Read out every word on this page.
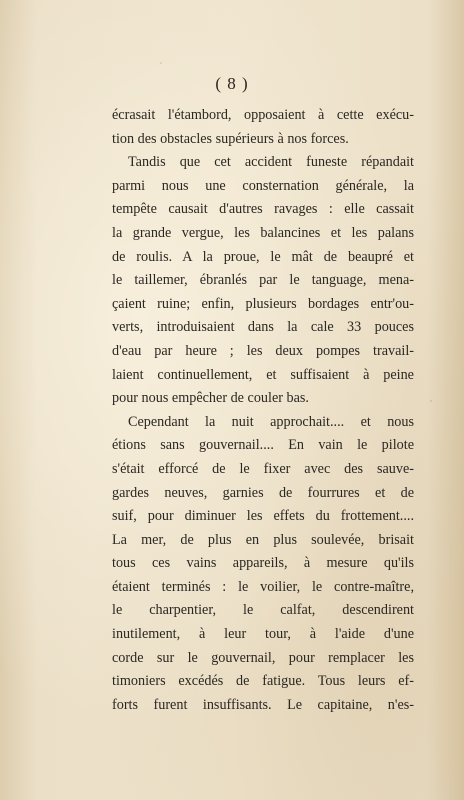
( 8 )
écrasait l'étambord, opposaient à cette exécu-
tion des obstacles supérieurs à nos forces.
Tandis que cet accident funeste répandait
parmi nous une consternation générale, la
tempête causait d'autres ravages : elle cassait
la grande vergue, les balancines et les palans
de roulis. A la proue, le mât de beaupré et
le taillemer, ébranlés par le tanguage, mena-
çaient ruine; enfin, plusieurs bordages entr'ou-
verts, introduisaient dans la cale 33 pouces
d'eau par heure ; les deux pompes travail-
laient continuellement, et suffisaient à peine
pour nous empêcher de couler bas.
Cependant la nuit approchait.... et nous
étions sans gouvernail.... En vain le pilote
s'était efforcé de le fixer avec des sauve-
gardes neuves, garnies de fourrures et de
suif, pour diminuer les effets du frottement....
La mer, de plus en plus soulevée, brisait
tous ces vains appareils, à mesure qu'ils
étaient terminés : le voilier, le contre-maître,
le charpentier, le calfat, descendirent
inutilement, à leur tour, à l'aide d'une
corde sur le gouvernail, pour remplacer les
timoniers excédés de fatigue. Tous leurs ef-
forts furent insuffisants. Le capitaine, n'es-
